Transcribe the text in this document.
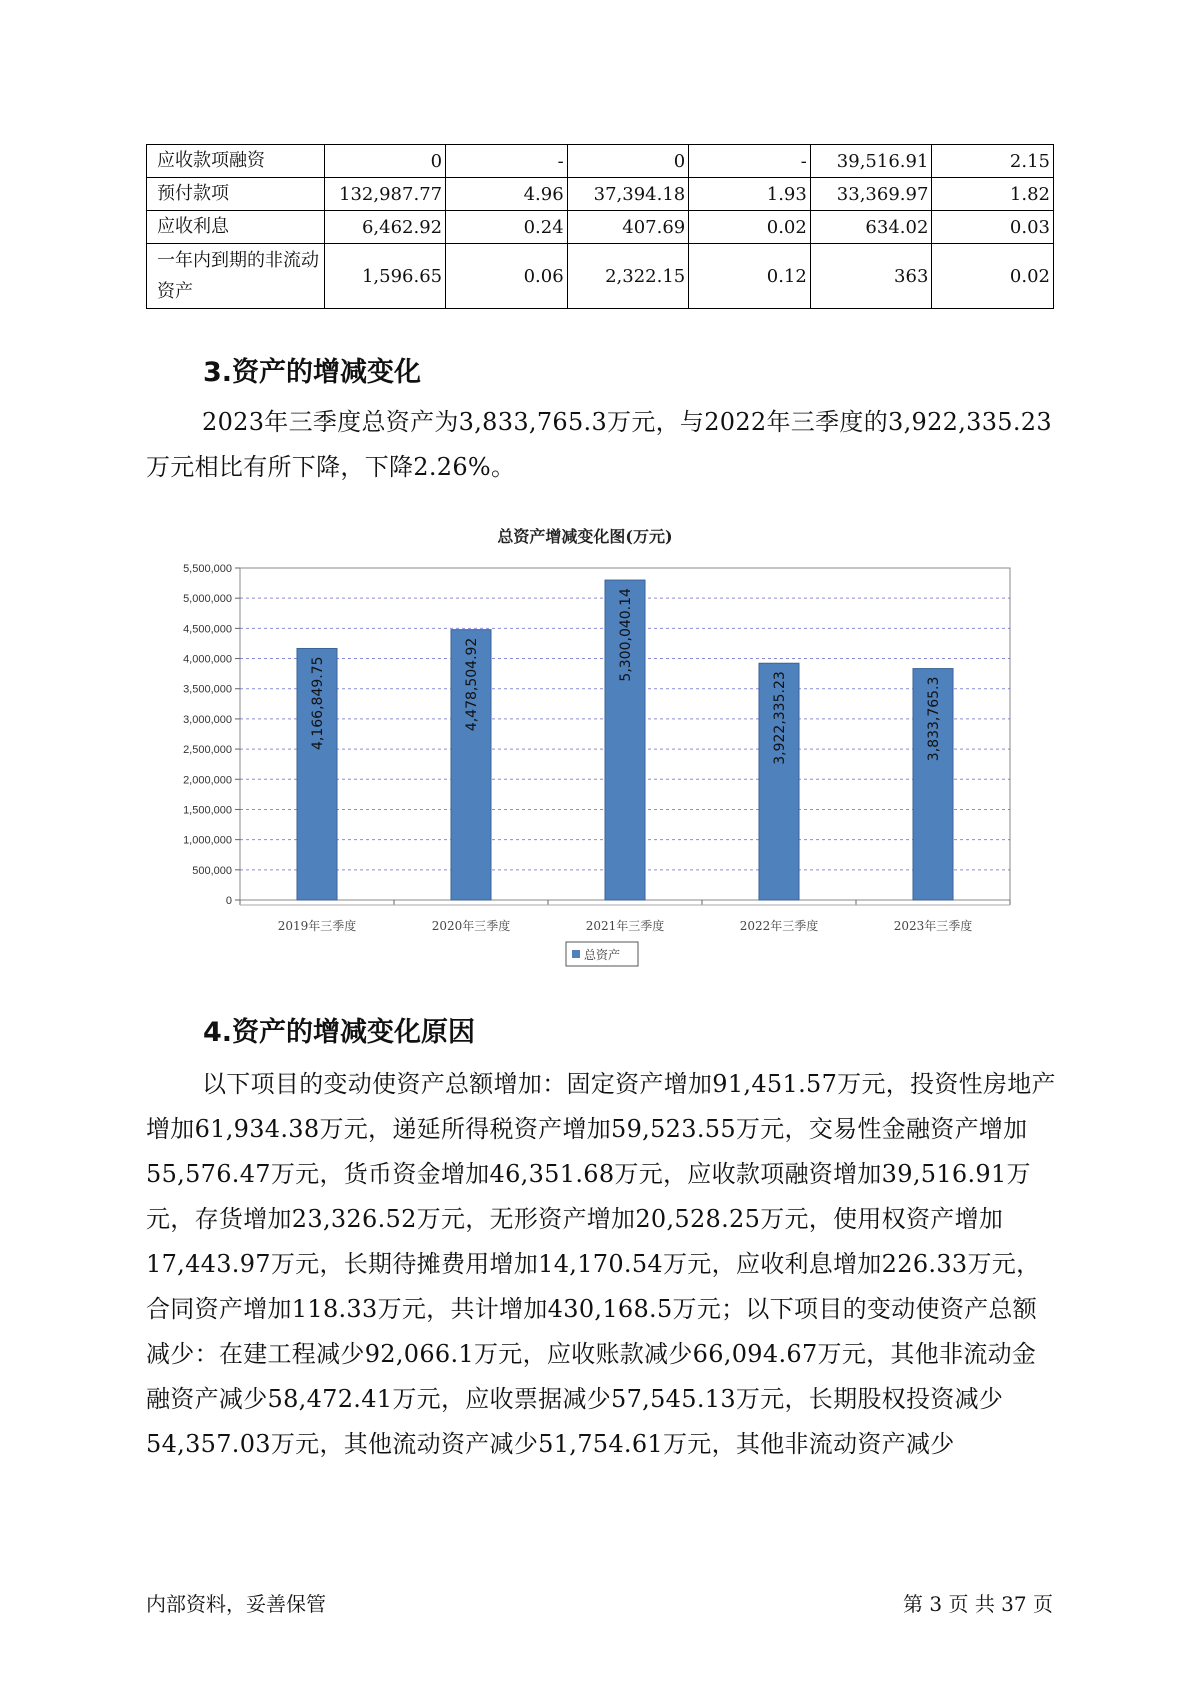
应收款项融资	0	-	0	-	39,516.91	2.15
预付款项	132,987.77	4.96	37,394.18	1.93	33,369.97	1.82
应收利息	6,462.92	0.24	407.69	0.02	634.02	0.03
一年内到期的非流动资产	1,596.65	0.06	2,322.15	0.12	363	0.02
3.资产的增减变化

2023年三季度总资产为3,833,765.3万元，与2022年三季度的3,922,335.23万元相比有所下降，下降2.26%。

总资产增减变化图(万元)
0
500,000
1,000,000
1,500,000
2,000,000
2,500,000
3,000,000
3,500,000
4,000,000
4,500,000
5,000,000
5,500,000
4,166,849.75
2019年三季度
4,478,504.92
2020年三季度
5,300,040.14
2021年三季度
3,922,335.23
2022年三季度
3,833,765.3
2023年三季度
总资产
4.资产的增减变化原因

以下项目的变动使资产总额增加：固定资产增加91,451.57万元，投资性房地产增加61,934.38万元，递延所得税资产增加59,523.55万元，交易性金融资产增加55,576.47万元，货币资金增加46,351.68万元，应收款项融资增加39,516.91万元，存货增加23,326.52万元，无形资产增加20,528.25万元，使用权资产增加17,443.97万元，长期待摊费用增加14,170.54万元，应收利息增加226.33万元，合同资产增加118.33万元，共计增加430,168.5万元；以下项目的变动使资产总额减少：在建工程减少92,066.1万元，应收账款减少66,094.67万元，其他非流动金融资产减少58,472.41万元，应收票据减少57,545.13万元，长期股权投资减少54,357.03万元，其他流动资产减少51,754.61万元，其他非流动资产减少

内部资料，妥善保管	第 3 页 共 37 页
